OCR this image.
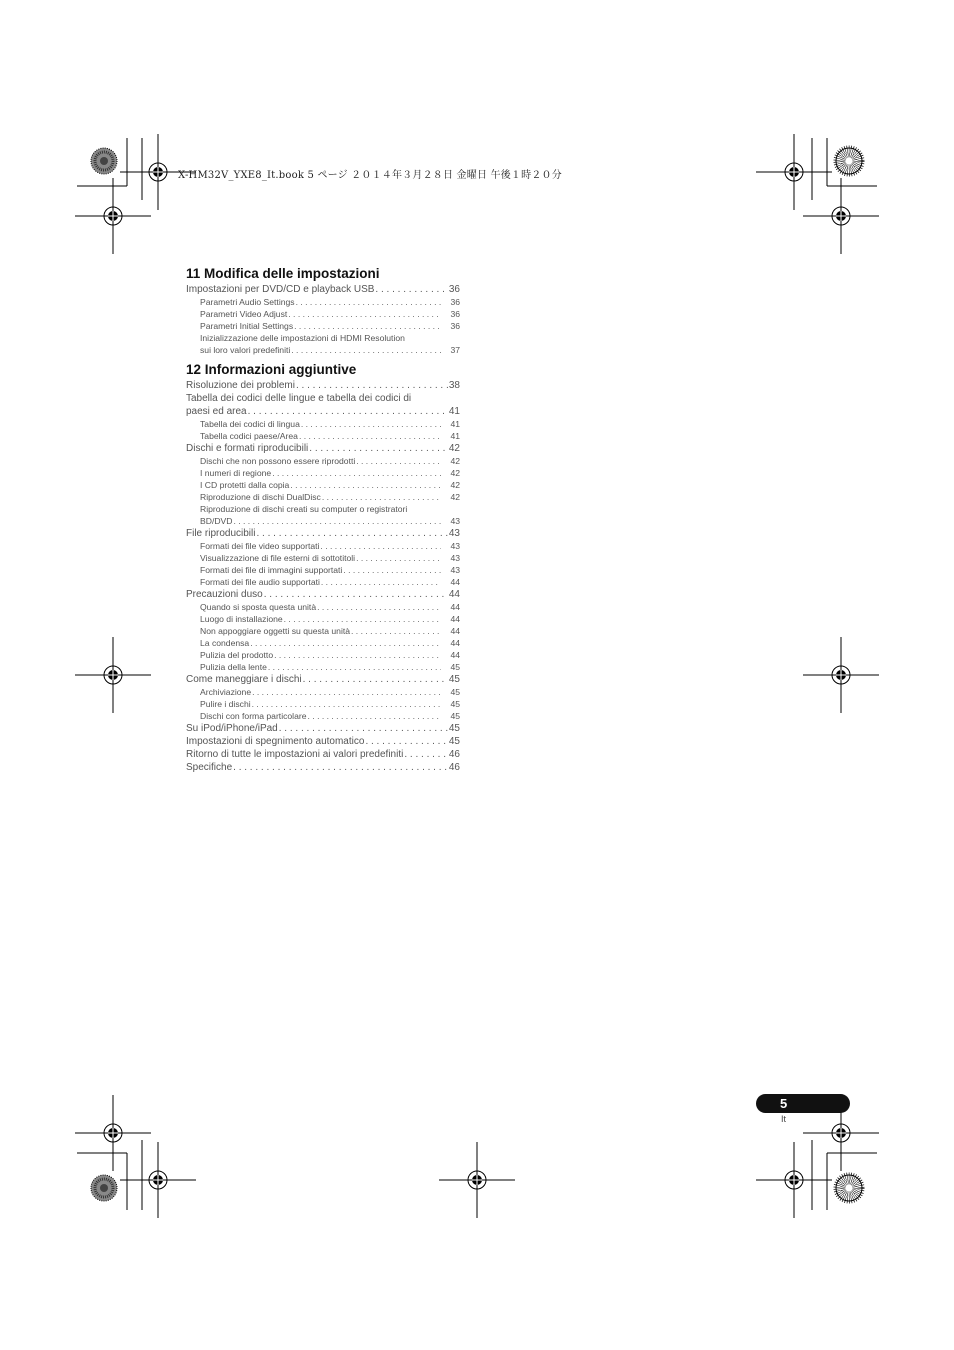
X-HM32V_YXE8_It.book 5 ページ ２０１４年３月２８日 金曜日 午後１時２０分
11 Modifica delle impostazioni
Impostazioni per DVD/CD e playback USB . . .	36
Parametri Audio Settings . . .	36
Parametri Video Adjust . . .	36
Parametri Initial Settings . . .	36
Inizializzazione delle impostazioni di HDMI Resolution
sui loro valori predefiniti . . .	37
12 Informazioni aggiuntive
Risoluzione dei problemi . . .	38
Tabella dei codici delle lingue e tabella dei codici di
paesi ed area . . .	41
Tabella dei codici di lingua . . .	41
Tabella codici paese/Area . . .	41
Dischi e formati riproducibili . . .	42
Dischi che non possono essere riprodotti . . .	42
I numeri di regione . . .	42
I CD protetti dalla copia . . .	42
Riproduzione di dischi DualDisc . . .	42
Riproduzione di dischi creati su computer o registratori
BD/DVD . . .	43
File riproducibili . . .	43
Formati dei file video supportati . . .	43
Visualizzazione di file esterni di sottotitoli . . .	43
Formati dei file di immagini supportati . . .	43
Formati dei file audio supportati . . .	44
Precauzioni duso . . .	44
Quando si sposta questa unità . . .	44
Luogo di installazione . . .	44
Non appoggiare oggetti su questa unità . . .	44
La condensa . . .	44
Pulizia del prodotto . . .	44
Pulizia della lente . . .	45
Come maneggiare i dischi . . .	45
Archiviazione . . .	45
Pulire i dischi . . .	45
Dischi con forma particolare . . .	45
Su iPod/iPhone/iPad . . .	45
Impostazioni di spegnimento automatico . . .	45
Ritorno di tutte le impostazioni ai valori predefiniti . . .	46
Specifiche . . .	46
5
It
